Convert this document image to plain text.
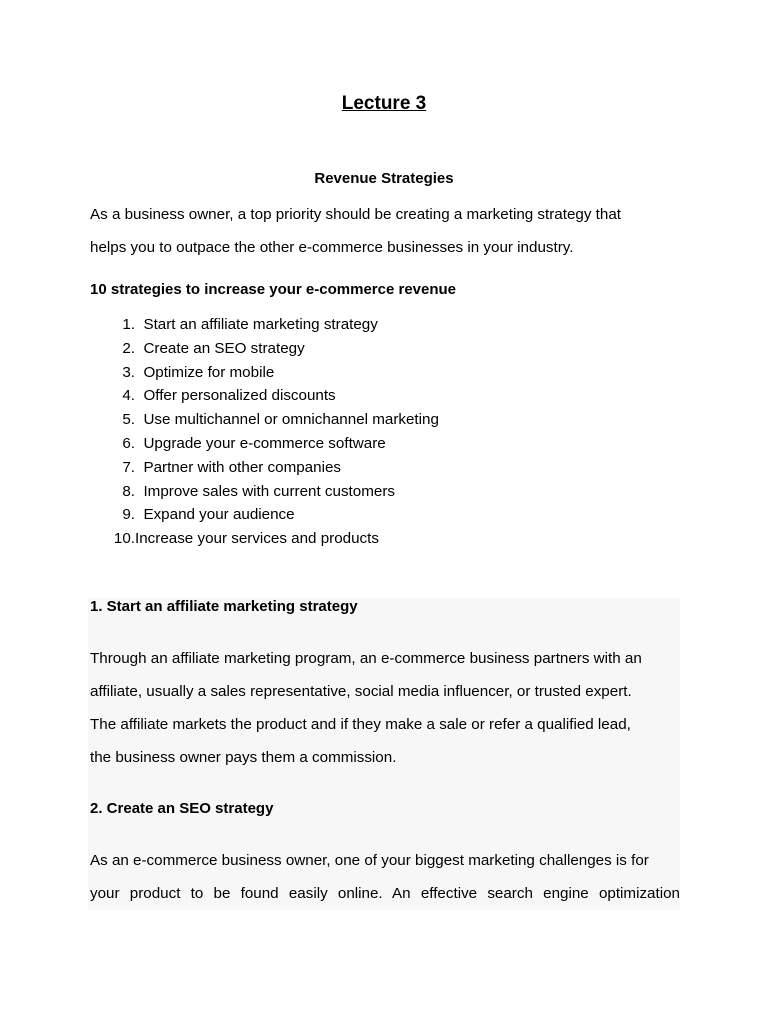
Lecture 3
Revenue Strategies
As a business owner, a top priority should be creating a marketing strategy that
helps you to outpace the other e-commerce businesses in your industry.
10 strategies to increase your e-commerce revenue
1. Start an affiliate marketing strategy
2. Create an SEO strategy
3. Optimize for mobile
4. Offer personalized discounts
5. Use multichannel or omnichannel marketing
6. Upgrade your e-commerce software
7. Partner with other companies
8. Improve sales with current customers
9. Expand your audience
10.Increase your services and products
1. Start an affiliate marketing strategy
Through an affiliate marketing program, an e-commerce business partners with an
affiliate, usually a sales representative, social media influencer, or trusted expert.
The affiliate markets the product and if they make a sale or refer a qualified lead,
the business owner pays them a commission.
2. Create an SEO strategy
As an e-commerce business owner, one of your biggest marketing challenges is for
your product to be found easily online. An effective search engine optimization
